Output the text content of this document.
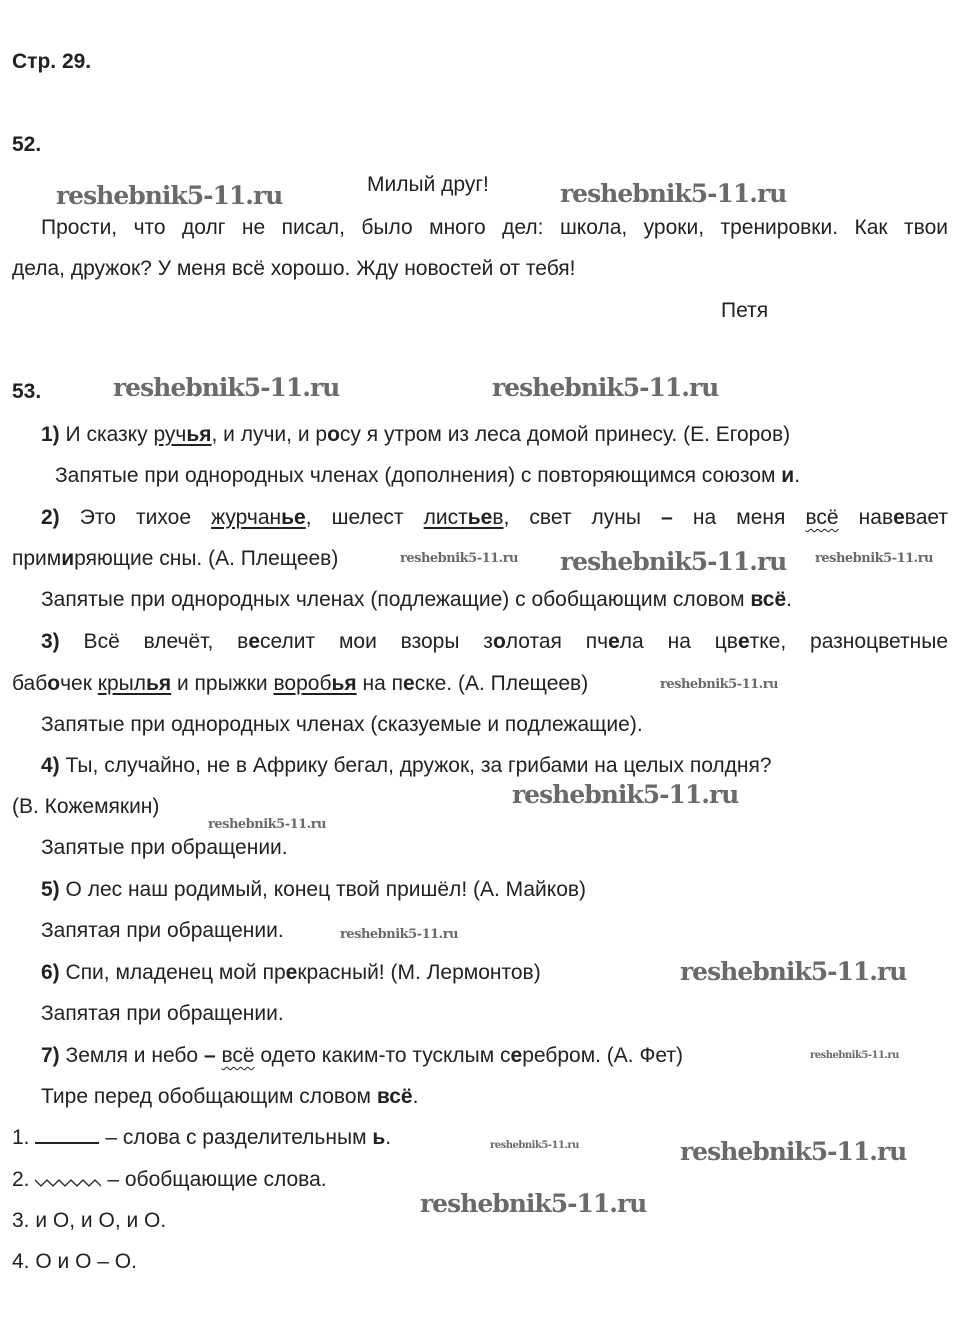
Стр. 29.
52.
Милый друг!
Прости, что долг не писал, было много дел: школа, уроки, тренировки. Как твои
дела, дружок? У меня всё хорошо. Жду новостей от тебя!
Петя
53.
1) И сказку ручья, и лучи, и росу я утром из леса домой принесу. (Е. Егоров)
Запятые при однородных членах (дополнения) с повторяющимся союзом и.
2) Это тихое журчанье, шелест листьев, свет луны – на меня всё навевает
примиряющие сны. (А. Плещеев)
Запятые при однородных членах (подлежащие) с обобщающим словом всё.
3) Всё влечёт, веселит мои взоры золотая пчела на цветке, разноцветные
бабочек крылья и прыжки воробья на песке. (А. Плещеев)
Запятые при однородных членах (сказуемые и подлежащие).
4) Ты, случайно, не в Африку бегал, дружок, за грибами на целых полдня?
(В. Кожемякин)
Запятые при обращении.
5) О лес наш родимый, конец твой пришёл! (А. Майков)
Запятая при обращении.
6) Спи, младенец мой прекрасный! (М. Лермонтов)
Запятая при обращении.
7) Земля и небо – всё одето каким-то тусклым серебром. (А. Фет)
Тире перед обобщающим словом всё.
1.	– слова с разделительным ь.
2.	– обобщающие слова.
3. и О, и О, и О.
4. О и О – О.
reshebnik5-11.ru	reshebnik5-11.ru
reshebnik5-11.ru	reshebnik5-11.ru
reshebnik5-11.ru
reshebnik5-11.ru	reshebnik5-11.ru
reshebnik5-11.ru
reshebnik5-11.ru
reshebnik5-11.ru
reshebnik5-11.ru
reshebnik5-11.ru
reshebnik5-11.ru
reshebnik5-11.ru	reshebnik5-11.ru
reshebnik5-11.ru
